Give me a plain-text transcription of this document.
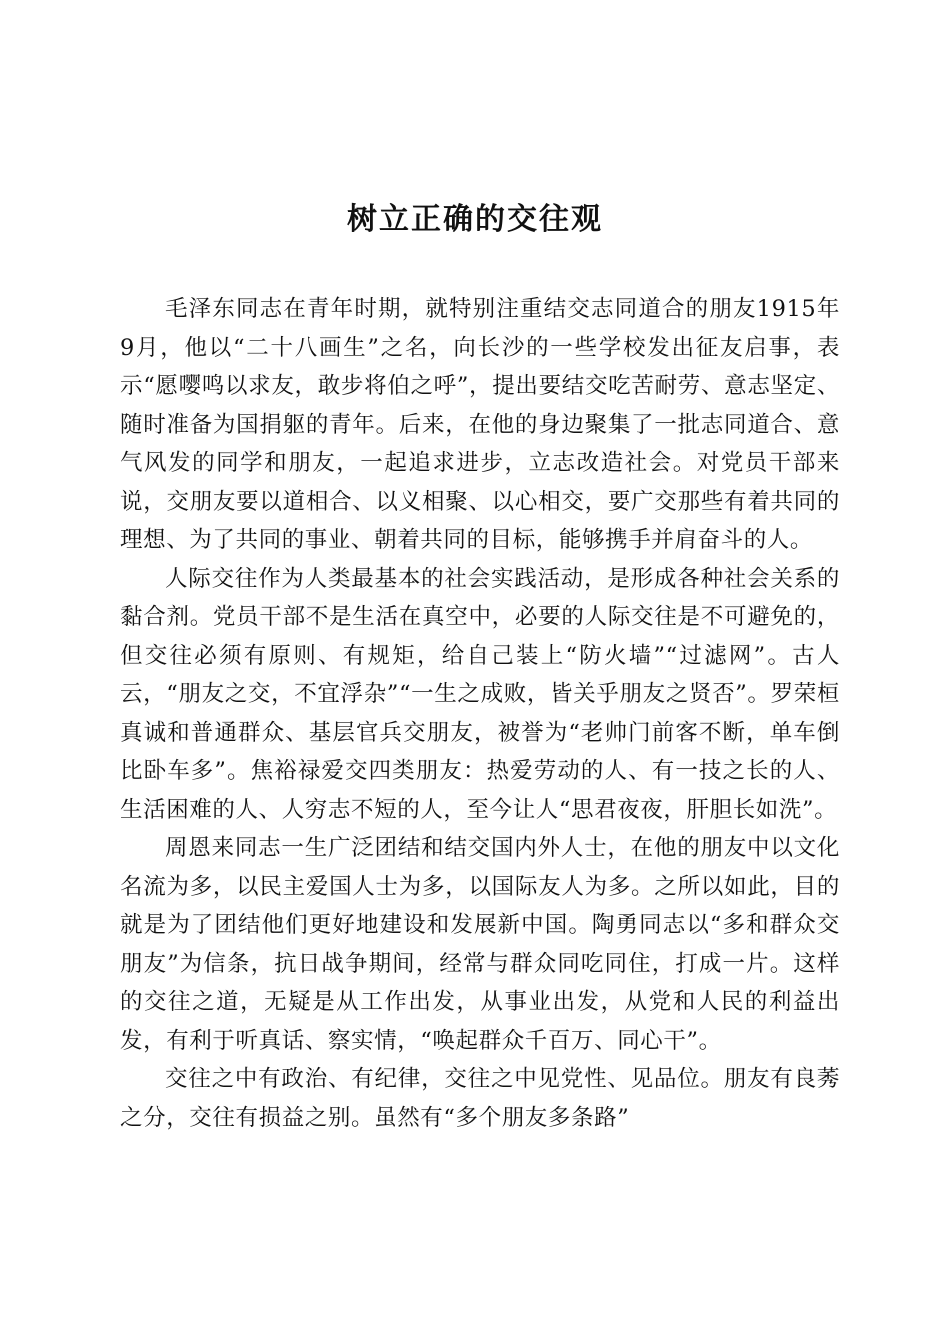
树立正确的交往观

毛泽东同志在青年时期，就特别注重结交志同道合的朋友1915年9月，他以“二十八画生”之名，向长沙的一些学校发出征友启事，表示“愿嘤鸣以求友，敢步将伯之呼”，提出要结交吃苦耐劳、意志坚定、随时准备为国捐躯的青年。后来，在他的身边聚集了一批志同道合、意气风发的同学和朋友，一起追求进步，立志改造社会。对党员干部来说，交朋友要以道相合、以义相聚、以心相交，要广交那些有着共同的理想、为了共同的事业、朝着共同的目标，能够携手并肩奋斗的人。

人际交往作为人类最基本的社会实践活动，是形成各种社会关系的黏合剂。党员干部不是生活在真空中，必要的人际交往是不可避免的，但交往必须有原则、有规矩，给自己装上“防火墙”“过滤网”。古人云，“朋友之交，不宜浮杂”“一生之成败，皆关乎朋友之贤否”。罗荣桓真诚和普通群众、基层官兵交朋友，被誉为“老帅门前客不断，单车倒比卧车多”。焦裕禄爱交四类朋友：热爱劳动的人、有一技之长的人、生活困难的人、人穷志不短的人，至今让人“思君夜夜，肝胆长如洗”。

周恩来同志一生广泛团结和结交国内外人士，在他的朋友中以文化名流为多，以民主爱国人士为多，以国际友人为多。之所以如此，目的就是为了团结他们更好地建设和发展新中国。陶勇同志以“多和群众交朋友”为信条，抗日战争期间，经常与群众同吃同住，打成一片。这样的交往之道，无疑是从工作出发，从事业出发，从党和人民的利益出发，有利于听真话、察实情，“唤起群众千百万、同心干”。

交往之中有政治、有纪律，交往之中见党性、见品位。朋友有良莠之分，交往有损益之别。虽然有“多个朋友多条路”
